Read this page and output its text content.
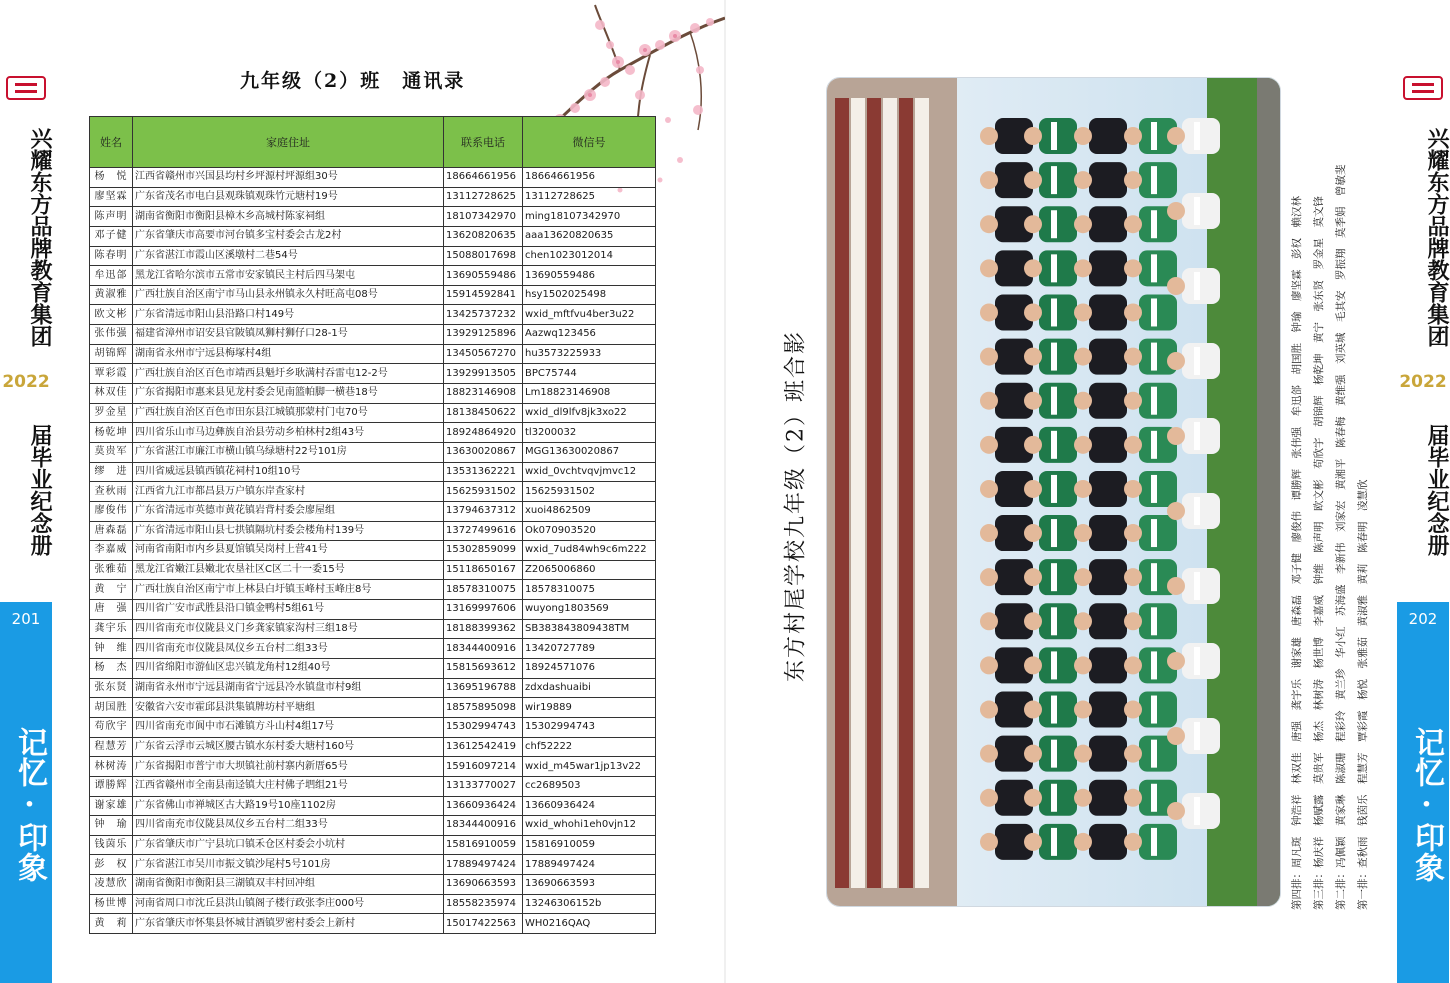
兴耀东方品牌教育集团
2022
届毕业纪念册
201
记忆·印象
兴耀东方品牌教育集团
2022
届毕业纪念册
202
记忆·印象
九年级（2）班　通讯录
姓名	家庭住址	联系电话	微信号
杨　悦	江西省赣州市兴国县均村乡坪源村坪源组30号	18664661956	18664661956
廖坚霖	广东省茂名市电白县观珠镇观珠竹元塘村19号	13112728625	13112728625
陈声明	湖南省衡阳市衡阳县樟木乡高城村陈家祠组	18107342970	ming18107342970
邓子健	广东省肇庆市高要市河台镇多宝村委会古龙2村	13620820635	aaa13620820635
陈春明	广东省湛江市霞山区溪墩村二巷54号	15088017698	chen1023012014
牟迅郃	黑龙江省哈尔滨市五常市安家镇民主村后四马架屯	13690559486	13690559486
黄淑雅	广西壮族自治区南宁市马山县永州镇永久村旺高屯08号	15914592841	hsy1502025498
欧文彬	广东省清远市阳山县沿路口村149号	13425737232	wxid_mftfvu4ber3u22
张伟强	福建省漳州市诏安县官陂镇凤狮村狮仔口28-1号	13929125896	Aazwq123456
胡锦辉	湖南省永州市宁远县梅塚村4组	13450567270	hu3573225933
覃彩霞	广西壮族自治区百色市靖西县魁圩乡耿满村吞雷屯12-2号	13929913505	BPC75744
林双佳	广东省揭阳市惠来县见龙村委会见南篮帕脚一横巷18号	18823146908	Lm18823146908
罗金星	广西壮族自治区百色市田东县江城镇那蒙村门屯70号	18138450622	wxid_dl9lfv8jk3xo22
杨乾坤	四川省乐山市马边彝族自治县劳动乡柏林村2组43号	18924864920	tl3200032
莫贵军	广东省湛江市廉江市横山镇乌绿塘村22号101房	13630020867	MGG13630020867
缪　进	四川省威远县镇西镇花祠村10组10号	13531362221	wxid_0vchtvqvjmvc12
查秋雨	江西省九江市都昌县万户镇东岸查家村	15625931502	15625931502
廖俊伟	广东省清远市英德市黄花镇岩背村委会廖屋组	13794637312	xuoi4862509
唐森磊	广东省清远市阳山县七拱镇隔坑村委会楼角村139号	13727499616	Ok070903520
李嘉威	河南省南阳市内乡县夏馆镇吴岗村上营41号	15302859099	wxid_7ud84wh9c6m222
张雅茹	黑龙江省嫩江县嫩北农垦社区C区二十一委15号	15118650167	Z2065006860
黄　宁	广西壮族自治区南宁市上林县白圩镇玉峰村玉峰庄8号	18578310075	18578310075
唐　强	四川省广安市武胜县沿口镇金鸭村5组61号	13169997606	wuyong1803569
龚宇乐	四川省南充市仪陇县义门乡龚家镇家沟村三组18号	18188399362	SB383843809438TM
钟　维	四川省南充市仪陇县凤仪乡五台村二组33号	18344400916	13420727789
杨　杰	四川省绵阳市游仙区忠兴镇龙角村12组40号	15815693612	18924571076
张东贤	湖南省永州市宁远县湖南省宁远县冷水镇盘市村9组	13695196788	zdxdashuaibi
胡国胜	安徽省六安市霍邱县洪集镇牌坊村平塘组	18575895098	wir19889
苟欣宇	四川省南充市阆中市石滩镇方斗山村4组17号	15302994743	15302994743
程慧芳	广东省云浮市云城区腰古镇水东村委大塘村160号	13612542419	chf52222
林树涛	广东省揭阳市普宁市大坝镇社前村寨内新厝65号	15916097214	wxid_m45war1jp13v22
谭勝辉	江西省赣州市全南县南迳镇大庄村佛子垇组21号	13133770027	cc2689503
谢家雄	广东省佛山市禅城区古大路19号10座1102房	13660936424	13660936424
钟　瑜	四川省南充市仪陇县凤仪乡五台村二组33号	18344400916	wxid_whohi1eh0vjn12
钱茵乐	广东省肇庆市广宁县坑口镇禾仓区村委会小坑村	15816910059	15816910059
彭　权	广东省湛江市吴川市振文镇沙尾村5号101房	17889497424	17889497424
凌慧欣	湖南省衡阳市衡阳县三湖镇双丰村回冲组	13690663593	13690663593
杨世博	河南省周口市沈丘县洪山镇阁子楼行政张李庄000号	18558235974	13246306152b
黄　莉	广东省肇庆市怀集县怀城甘酒镇罗密村委会上新村	15017422563	WH0216QAQ
东方村尾学校九年级（2）班合影	第四排：周凡斑　钟浩祥　林双佳　唐强　龚宇乐　谢家雄　唐森磊　邓子健　廖俊伟　谭勝辉　张伟强　牟迅郃　胡国胜　钟瑜　廖坚霖　彭权　赖汉林 第三排：杨庆祥　杨赋露　莫贵军　杨杰　林树涛　杨世博　李嘉威　钟维　陈声明　欧文彬　苟欣宇　胡锦辉　杨乾坤　黄宁　张东贤　罗金星　莫文锋 第二排：冯佩颖　黄家琳　陈淑珊　程彩玲　黄兰珍　华小红　苏海盛　李新伟　刘家宏　黄湘平　陈春梅　黄维强　刘英城　毛其安　罗振翔　莫季娟　曾敏斐 第一排：查秋雨　钱茵乐　程慧芳　覃彩霞　杨悦　张雅茹　黄淑雅　黄莉　陈春明　凌慧欣
